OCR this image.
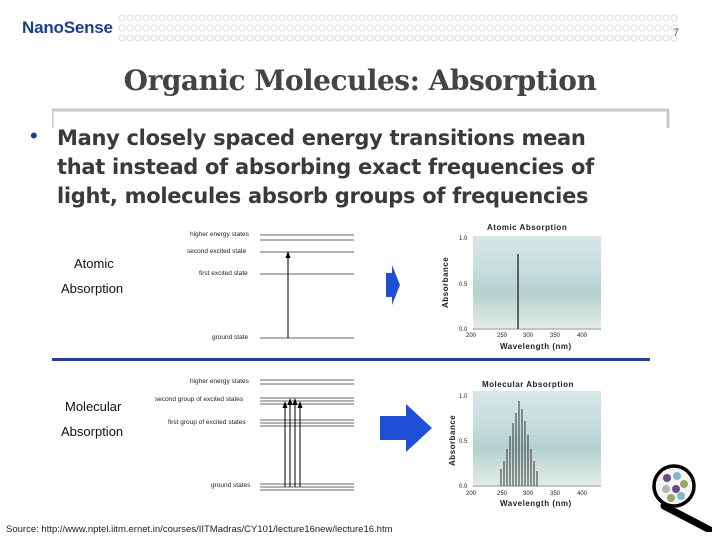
NanoSense	7
Organic Molecules: Absorption
• Many closely spaced energy transitions mean
that instead of absorbing exact frequencies of
light, molecules absorb groups of frequencies
Atomic
Absorption
higher energy states
second excited state
first excited state
ground state
Atomic Absorption
1.0
0.5
0.0
Absorbance
200	250	300	350	400
Wavelength (nm)
Molecular
Absorption
higher energy states
second group of excited states
first group of excited states
ground states
Molecular Absorption
1.0
0.5
0.0
Absorbance
200	250	300	350	400
Wavelength (nm)
Source: http://www.nptel.iitm.ernet.in/courses/IITMadras/CY101/lecture16new/lecture16.htm
